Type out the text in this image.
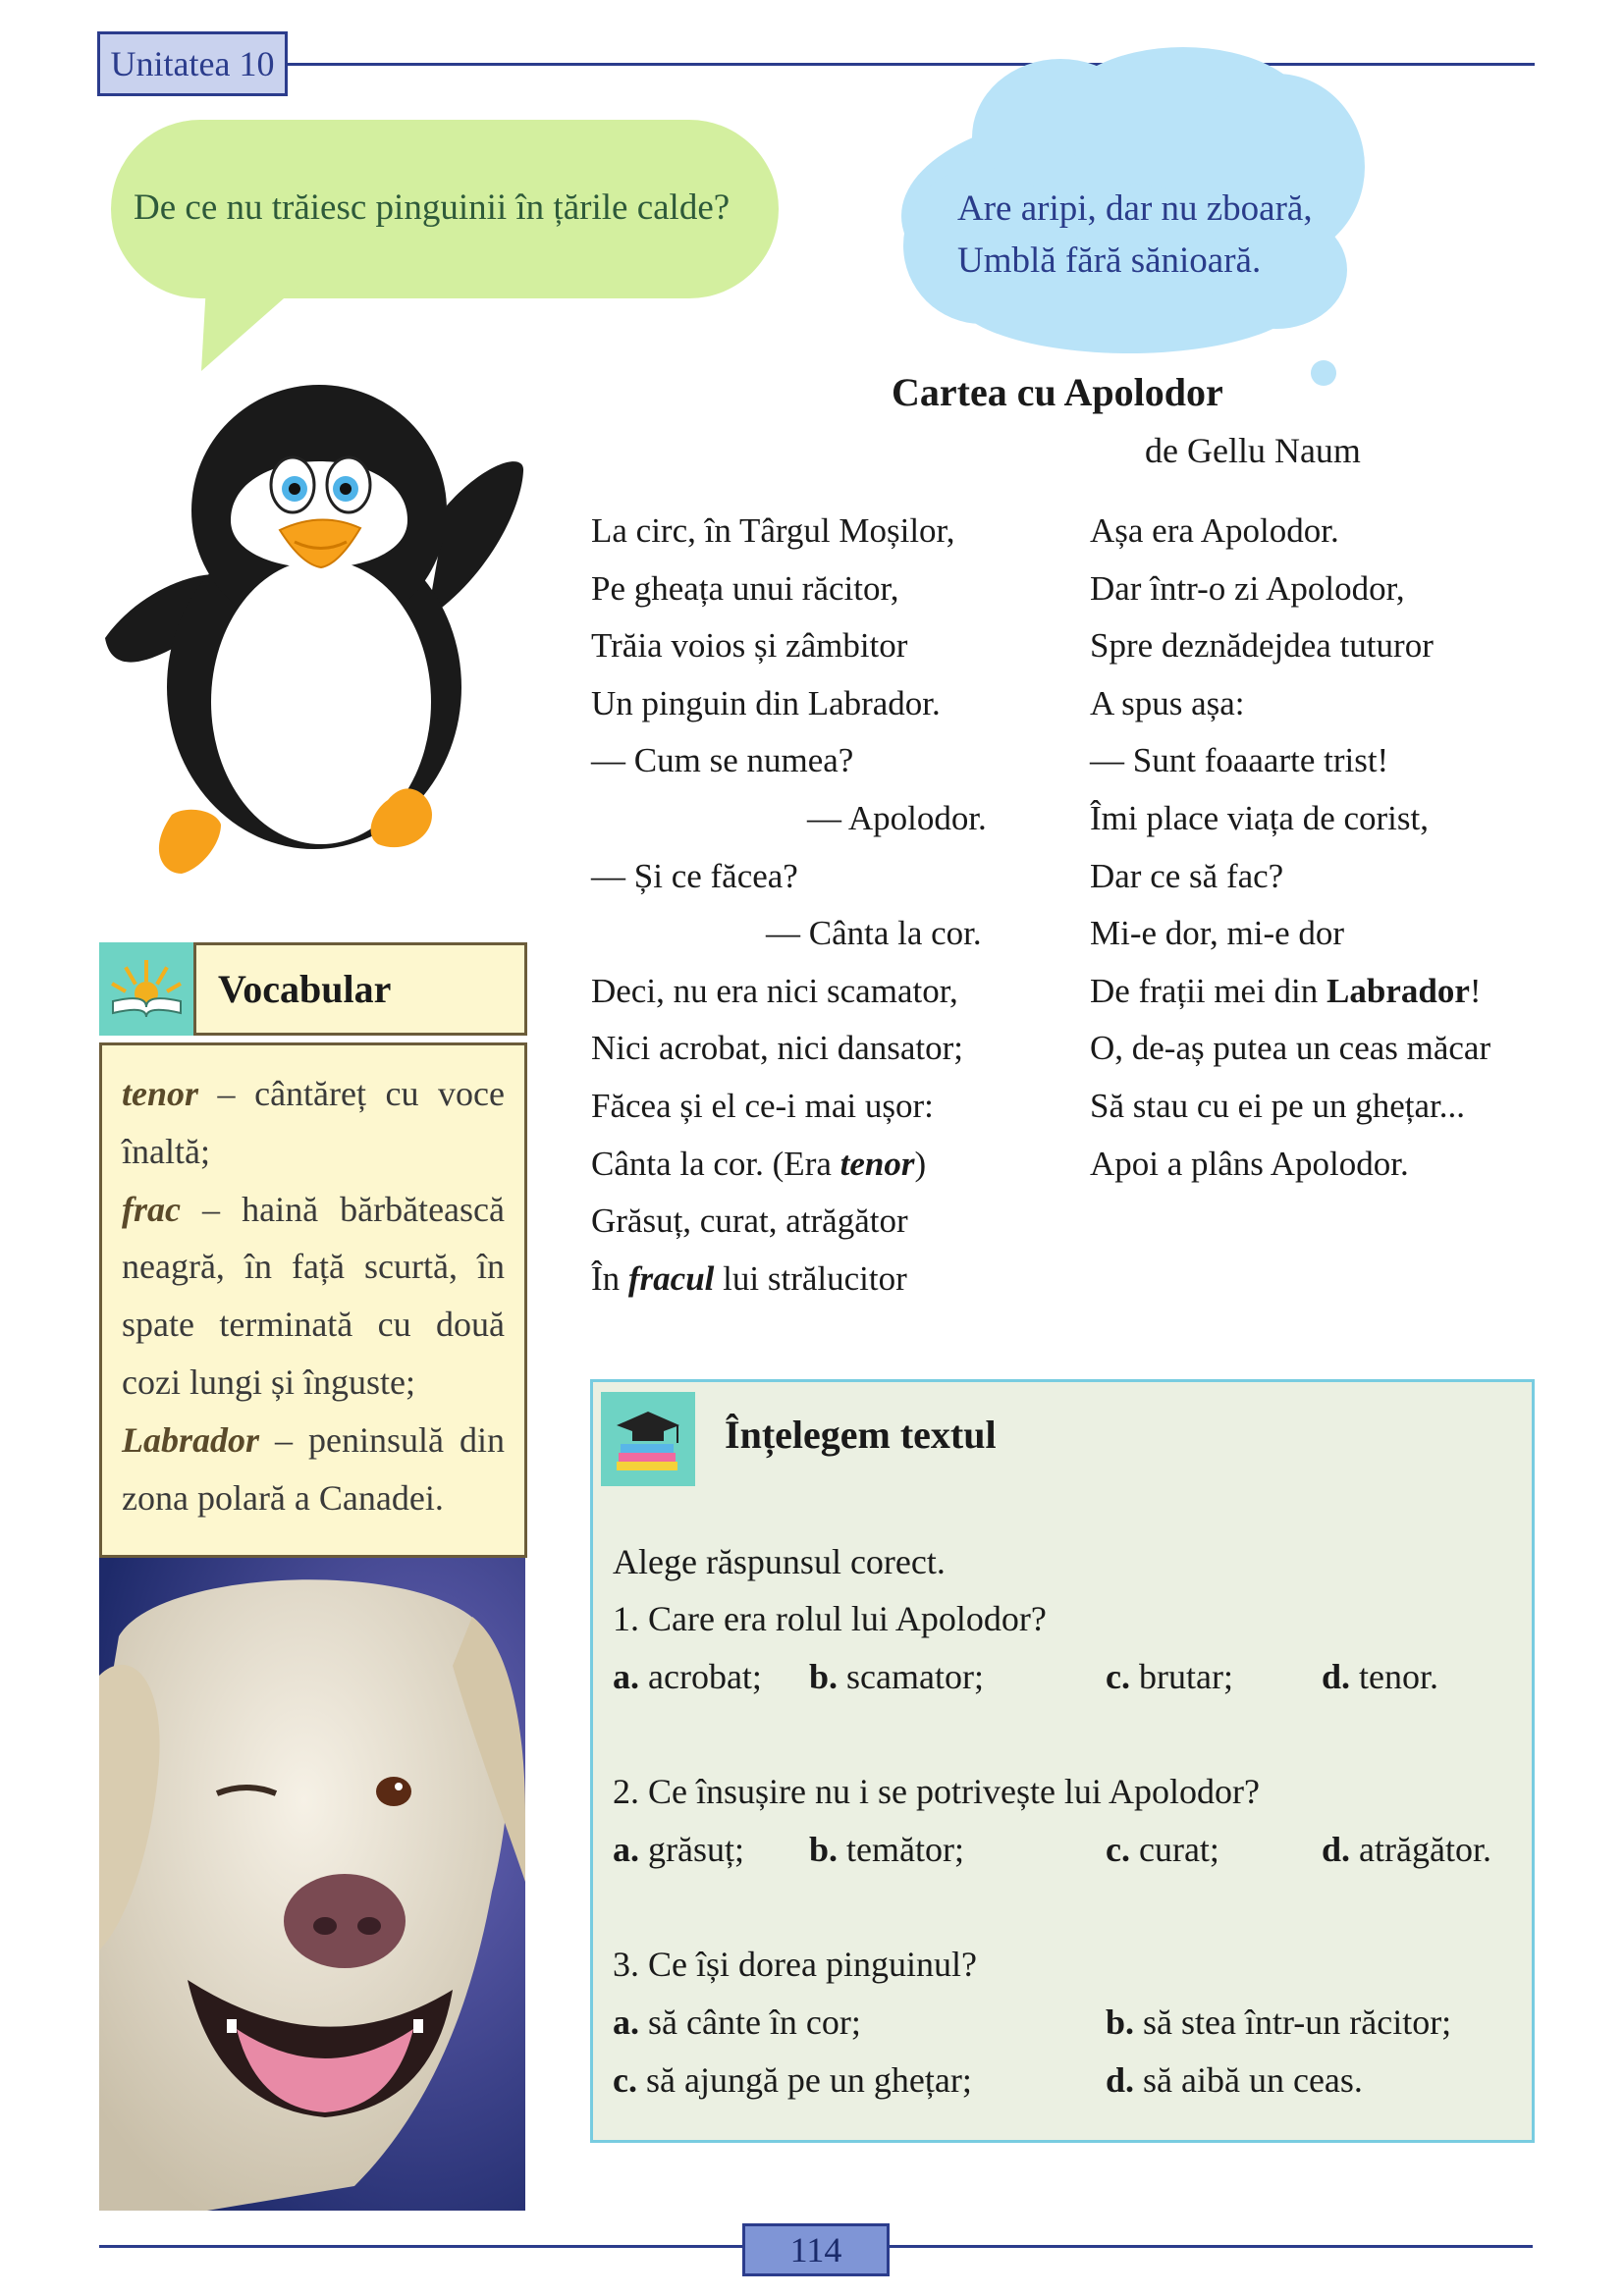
Unitatea 10
De ce nu trăiesc pinguinii în țările calde?	Are aripi, dar nu zboară,
Umblă fără sănioară.
Cartea cu Apolodor
de Gellu Naum
La circ, în Târgul Moșilor,
Pe gheața unui răcitor,
Trăia voios și zâmbitor
Un pinguin din Labrador.
— Cum se numea?
— Apolodor.
— Și ce făcea?
— Cânta la cor.
Deci, nu era nici scamator,
Nici acrobat, nici dansator;
Făcea și el ce-i mai ușor:
Cânta la cor. (Era tenor)
Grăsuț, curat, atrăgător
În fracul lui strălucitor
Așa era Apolodor.
Dar într-o zi Apolodor,
Spre deznădejdea tuturor
A spus așa:
— Sunt foaaarte trist!
Îmi place viața de corist,
Dar ce să fac?
Mi-e dor, mi-e dor
De frații mei din Labrador!
O, de-aș putea un ceas măcar
Să stau cu ei pe un ghețar...
Apoi a plâns Apolodor.
Vocabular
tenor – cântăreț cu voce
înaltă;
frac – haină bărbătească
neagră, în față scurtă, în
spate terminată cu două
cozi lungi și înguste;
Labrador – peninsulă din
zona polară a Canadei.
Înțelegem textul
Alege răspunsul corect.
1. Care era rolul lui Apolodor?
a. acrobat; b. scamator;	c. brutar;	d. tenor.
2. Ce însușire nu i se potrivește lui Apolodor?
a. grăsuț; b. temător;	c. curat;	d. atrăgător.
3. Ce își dorea pinguinul?
a. să cânte în cor;	b. să stea într-un răcitor;
c. să ajungă pe un ghețar;	d. să aibă un ceas.
114
